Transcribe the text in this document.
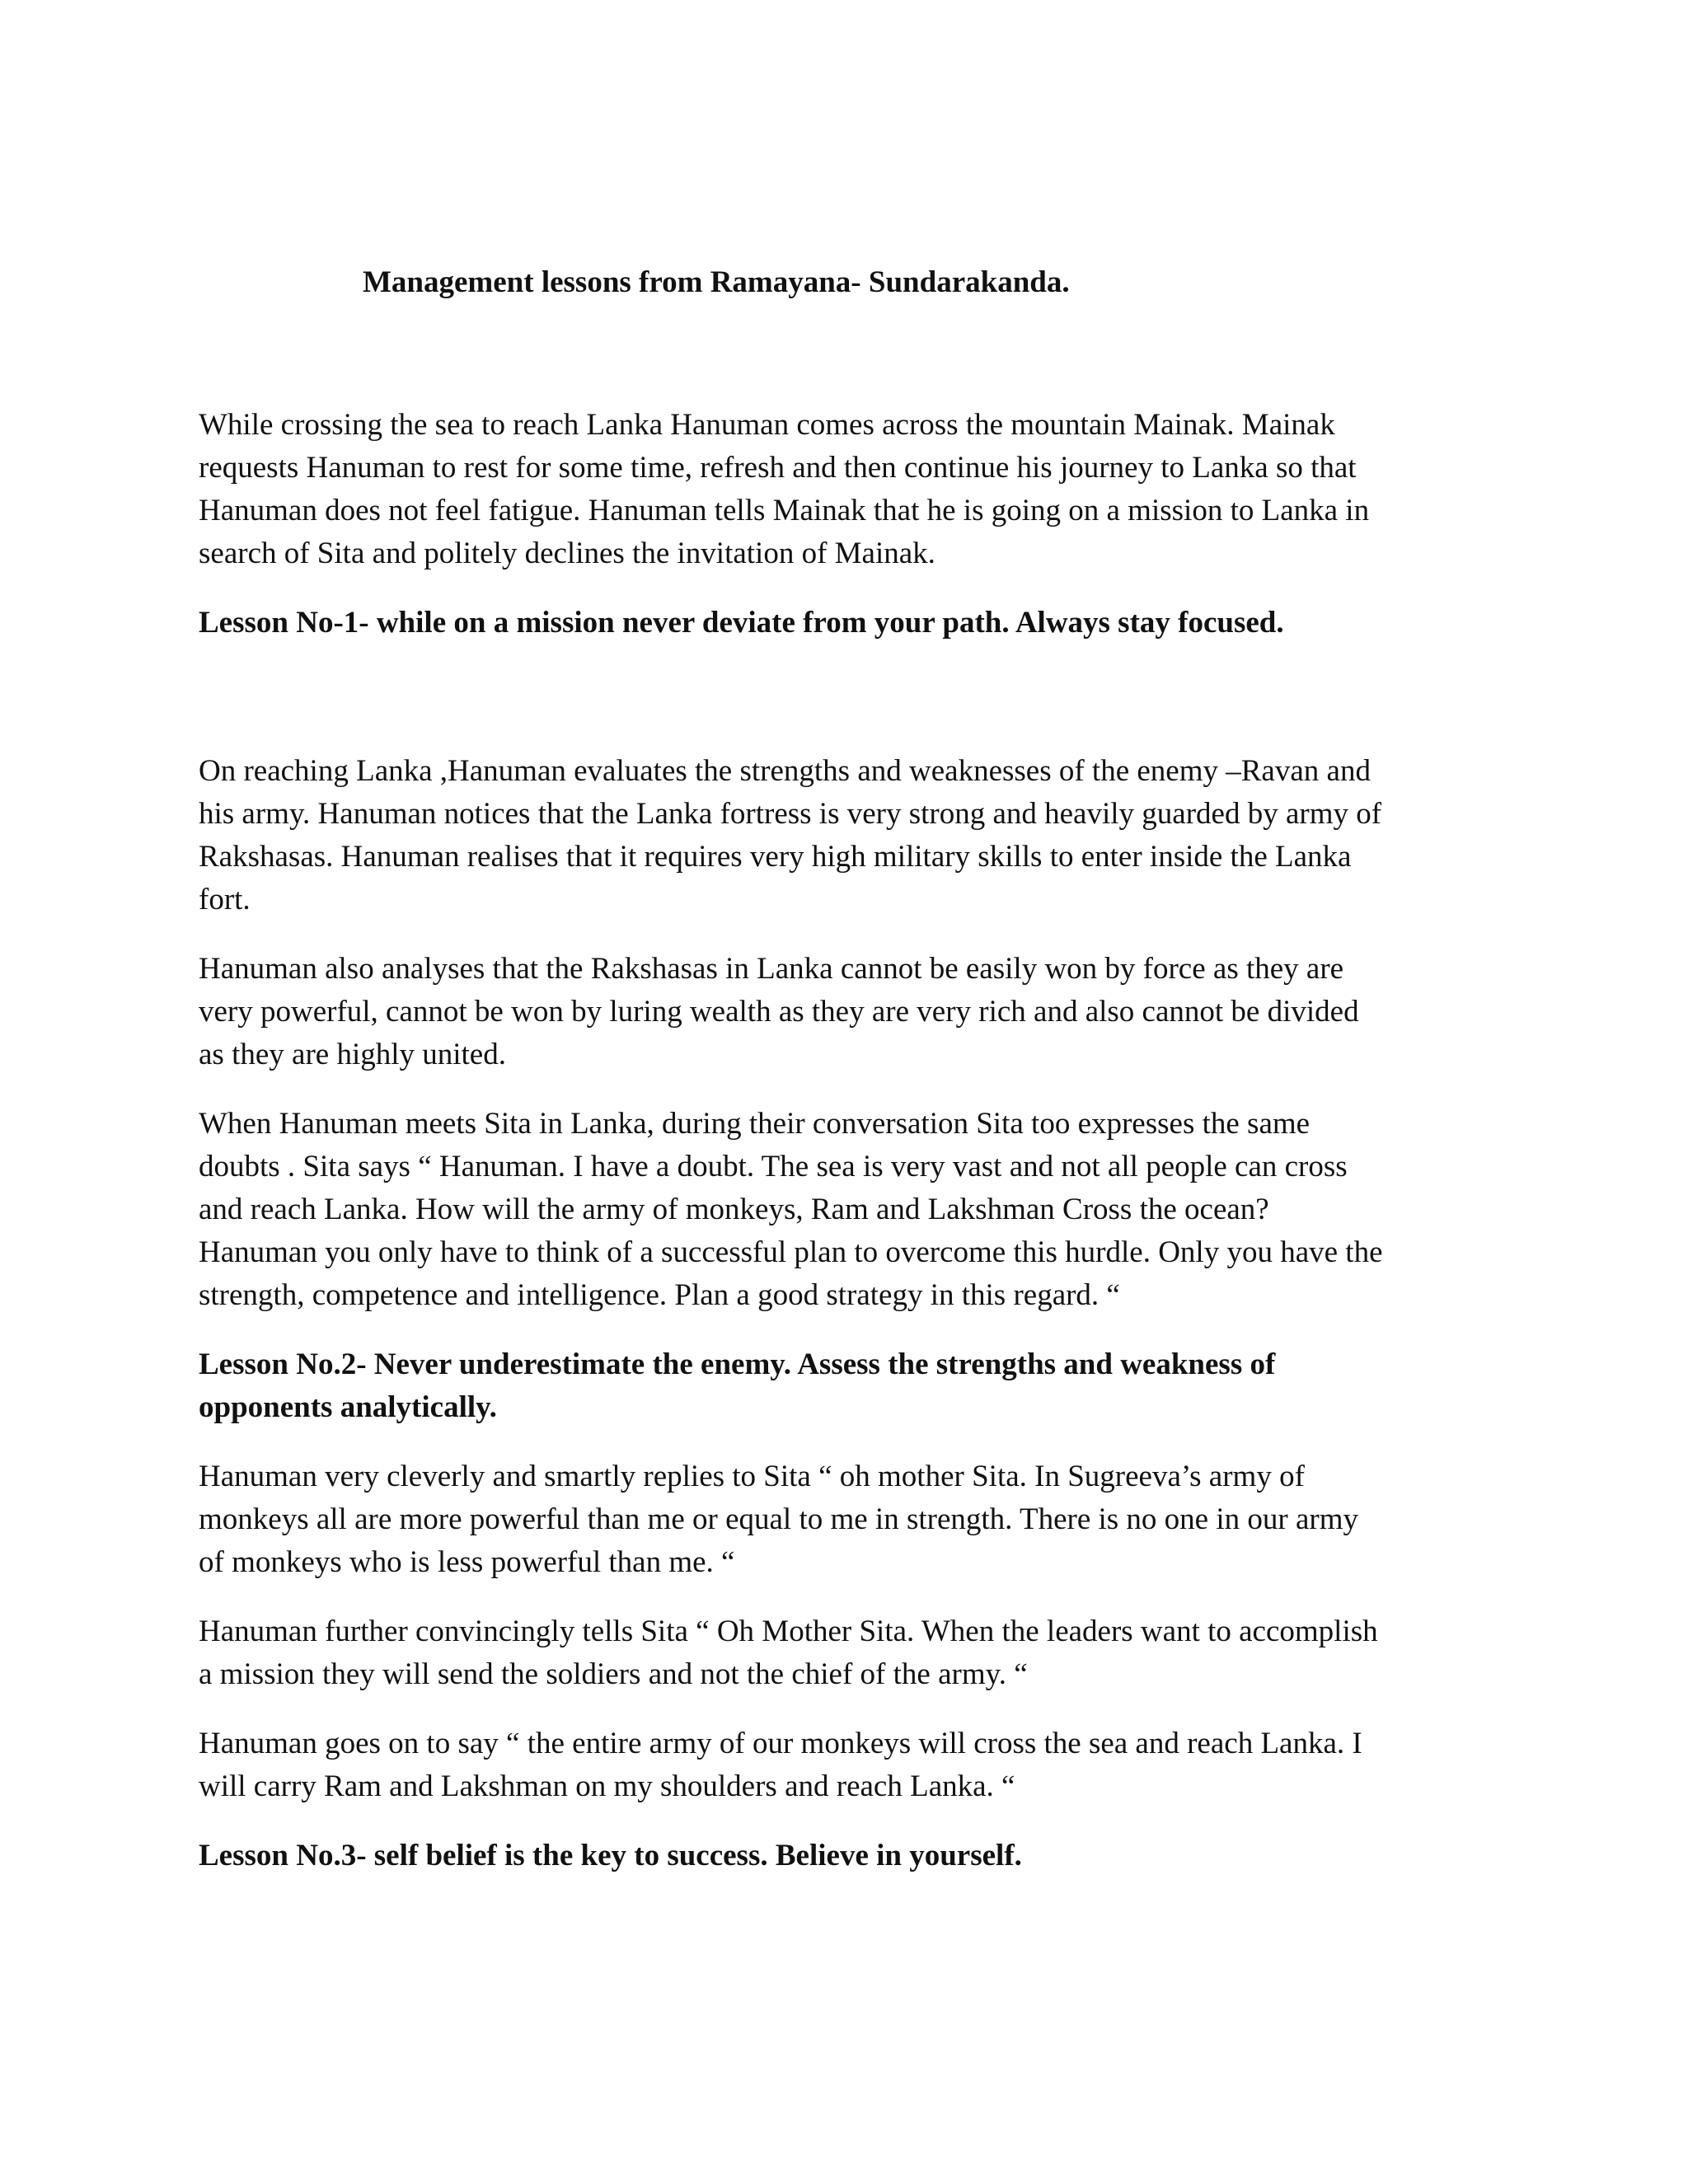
Management lessons from Ramayana- Sundarakanda.

While crossing the sea to reach Lanka Hanuman comes across the mountain Mainak. Mainak
requests Hanuman to rest for some time, refresh and then continue his journey to Lanka so that
Hanuman does not feel fatigue. Hanuman tells Mainak that he is going on a mission to Lanka in
search of Sita and politely declines the invitation of Mainak.

Lesson No-1- while on a mission never deviate from your path. Always stay focused.

On reaching Lanka ,Hanuman evaluates the strengths and weaknesses of the enemy –Ravan and
his army. Hanuman notices that the Lanka fortress is very strong and heavily guarded by army of
Rakshasas. Hanuman realises that it requires very high military skills to enter inside the Lanka
fort.

Hanuman also analyses that the Rakshasas in Lanka cannot be easily won by force as they are
very powerful, cannot be won by luring wealth as they are very rich and also cannot be divided
as they are highly united.

When Hanuman meets Sita in Lanka, during their conversation Sita too expresses the same
doubts . Sita says “ Hanuman. I have a doubt. The sea is very vast and not all people can cross
and reach Lanka. How will the army of monkeys, Ram and Lakshman Cross the ocean?
Hanuman you only have to think of a successful plan to overcome this hurdle. Only you have the
strength, competence and intelligence. Plan a good strategy in this regard. “

Lesson No.2- Never underestimate the enemy. Assess the strengths and weakness of
opponents analytically.

Hanuman very cleverly and smartly replies to Sita “ oh mother Sita. In Sugreeva’s army of
monkeys all are more powerful than me or equal to me in strength. There is no one in our army
of monkeys who is less powerful than me. “

Hanuman further convincingly tells Sita “ Oh Mother Sita. When the leaders want to accomplish
a mission they will send the soldiers and not the chief of the army. “

Hanuman goes on to say “ the entire army of our monkeys will cross the sea and reach Lanka. I
will carry Ram and Lakshman on my shoulders and reach Lanka. “

Lesson No.3- self belief is the key to success. Believe in yourself.
